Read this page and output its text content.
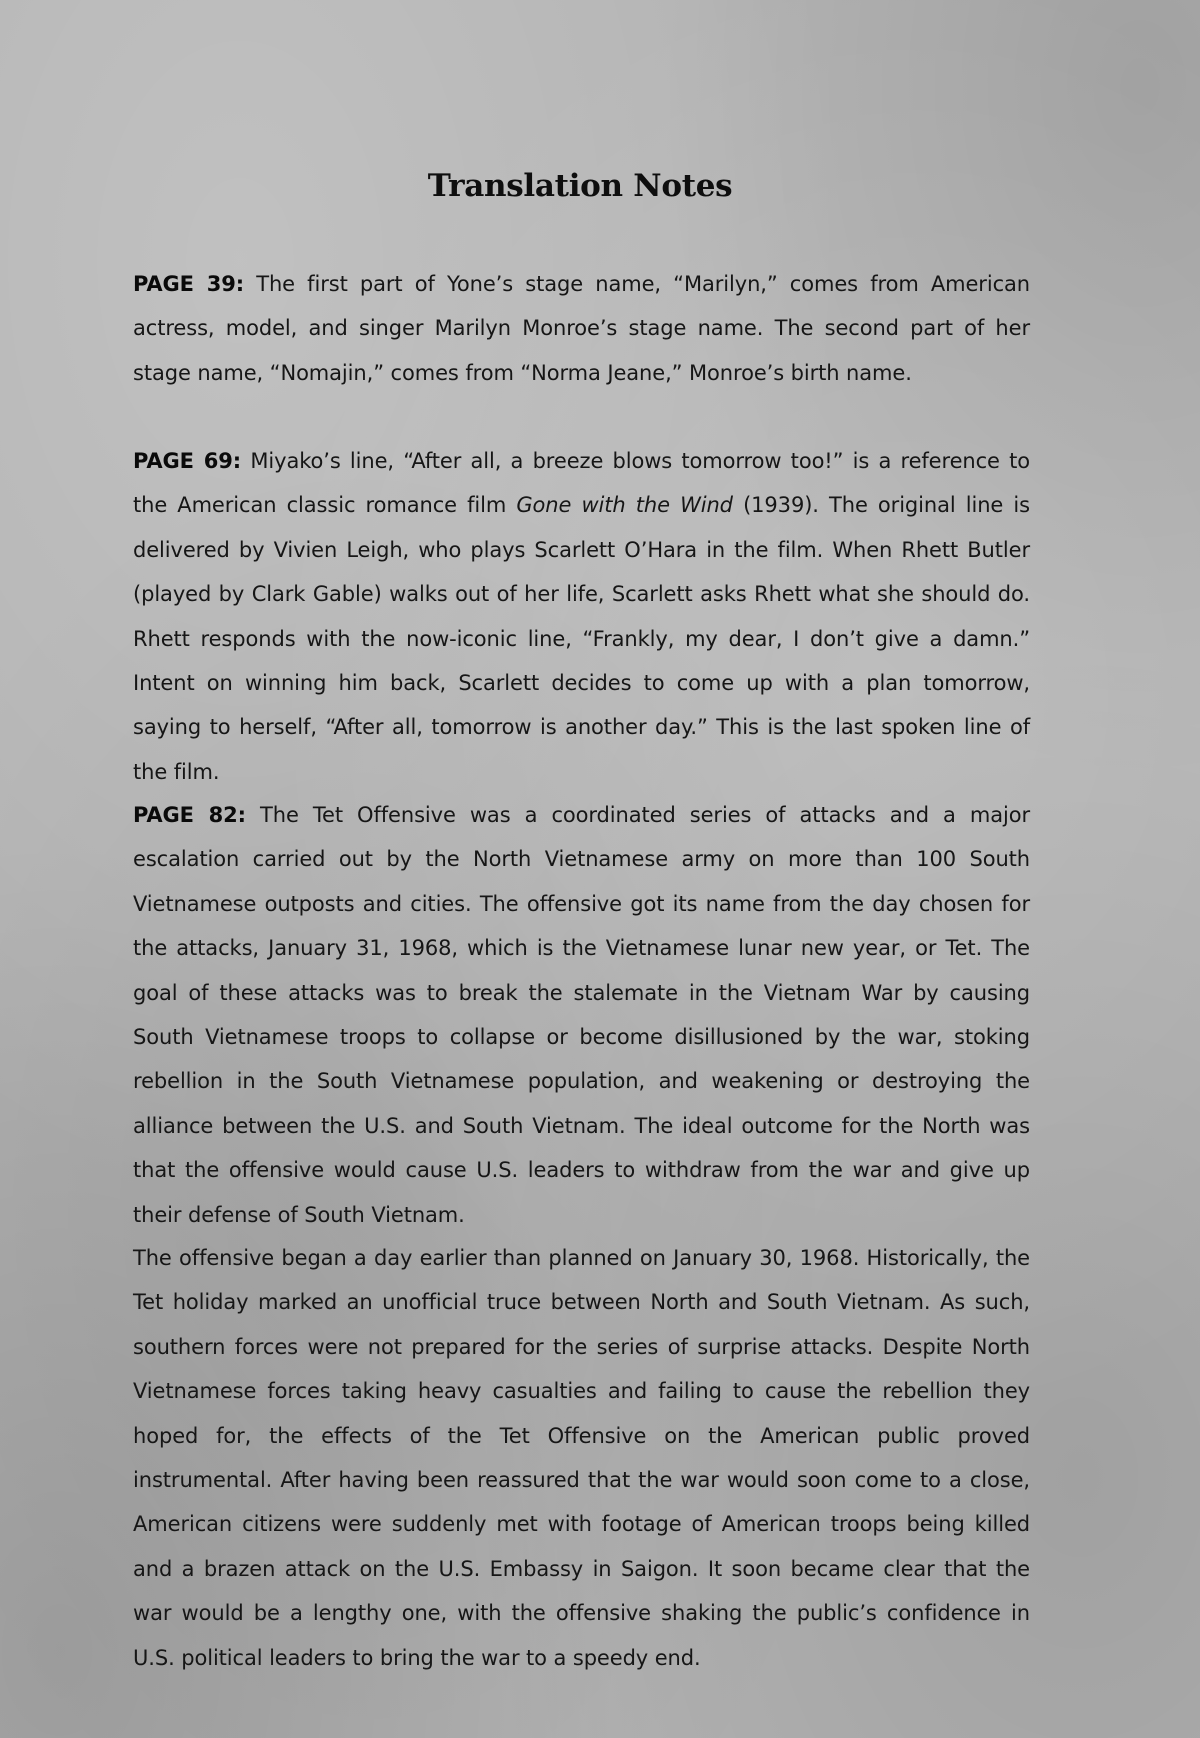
Translation Notes

PAGE 39: The first part of Yone’s stage name, “Marilyn,” comes from American actress, model, and singer Marilyn Monroe’s stage name. The second part of her stage name, “Nomajin,” comes from “Norma Jeane,” Monroe’s birth name.

PAGE 69: Miyako’s line, “After all, a breeze blows tomorrow too!” is a reference to the American classic romance film Gone with the Wind (1939). The original line is delivered by Vivien Leigh, who plays Scarlett O’Hara in the film. When Rhett Butler (played by Clark Gable) walks out of her life, Scarlett asks Rhett what she should do. Rhett responds with the now-iconic line, “Frankly, my dear, I don’t give a damn.” Intent on winning him back, Scarlett decides to come up with a plan tomorrow, saying to herself, “After all, tomorrow is another day.” This is the last spoken line of the film.

PAGE 82: The Tet Offensive was a coordinated series of attacks and a major escalation carried out by the North Vietnamese army on more than 100 South Vietnamese outposts and cities. The offensive got its name from the day chosen for the attacks, January 31, 1968, which is the Vietnamese lunar new year, or Tet. The goal of these attacks was to break the stalemate in the Vietnam War by causing South Vietnamese troops to collapse or become disillusioned by the war, stoking rebellion in the South Vietnamese population, and weakening or destroying the alliance between the U.S. and South Vietnam. The ideal outcome for the North was that the offensive would cause U.S. leaders to withdraw from the war and give up their defense of South Vietnam.

The offensive began a day earlier than planned on January 30, 1968. Historically, the Tet holiday marked an unofficial truce between North and South Vietnam. As such, southern forces were not prepared for the series of surprise attacks. Despite North Vietnamese forces taking heavy casualties and failing to cause the rebellion they hoped for, the effects of the Tet Offensive on the American public proved instrumental. After having been reassured that the war would soon come to a close, American citizens were suddenly met with footage of American troops being killed and a brazen attack on the U.S. Embassy in Saigon. It soon became clear that the war would be a lengthy one, with the offensive shaking the public’s confidence in U.S. political leaders to bring the war to a speedy end.
